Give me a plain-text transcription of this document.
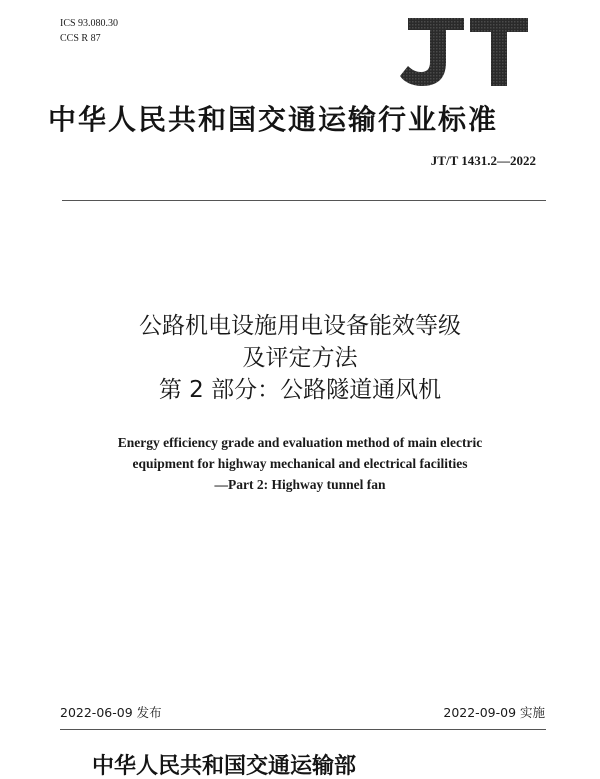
ICS 93.080.30
CCS R 87
中华人民共和国交通运输行业标准
JT/T 1431.2—2022
公路机电设施用电设备能效等级
及评定方法
第 2 部分：公路隧道通风机
Energy efficiency grade and evaluation method of main electric
equipment for highway mechanical and electrical facilities
—Part 2: Highway tunnel fan
2022-06-09 发布	2022-09-09 实施
中华人民共和国交通运输部
